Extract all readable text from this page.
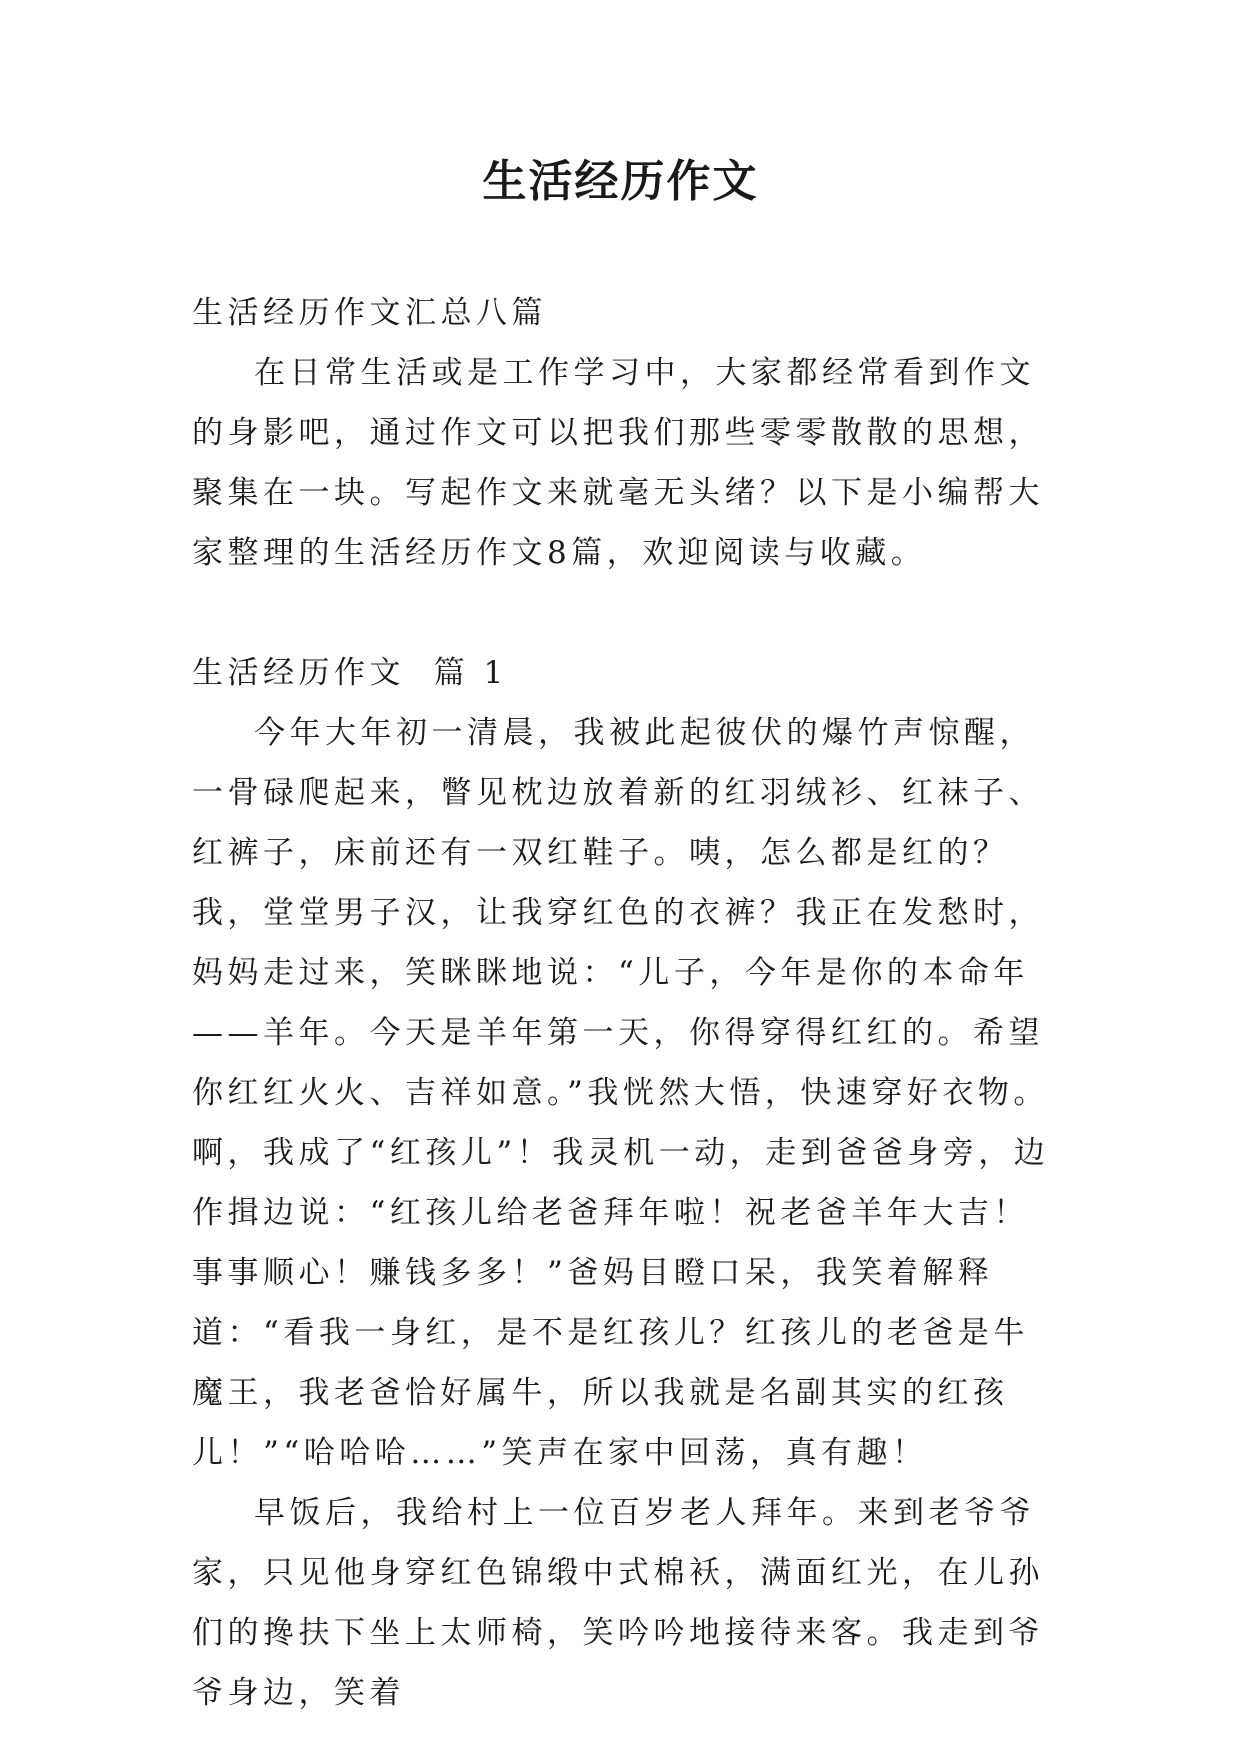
生活经历作文

生活经历作文汇总八篇

在日常生活或是工作学习中，大家都经常看到作文的身影吧，通过作文可以把我们那些零零散散的思想，聚集在一块。写起作文来就毫无头绪？以下是小编帮大家整理的生活经历作文8篇，欢迎阅读与收藏。

生活经历作文  篇 1

今年大年初一清晨，我被此起彼伏的爆竹声惊醒，一骨碌爬起来，瞥见枕边放着新的红羽绒衫、红袜子、红裤子，床前还有一双红鞋子。咦，怎么都是红的？我，堂堂男子汉，让我穿红色的衣裤？我正在发愁时，妈妈走过来，笑眯眯地说：“儿子，今年是你的本命年——羊年。今天是羊年第一天，你得穿得红红的。希望你红红火火、吉祥如意。”我恍然大悟，快速穿好衣物。啊，我成了“红孩儿”！我灵机一动，走到爸爸身旁，边作揖边说：“红孩儿给老爸拜年啦！祝老爸羊年大吉！事事顺心！赚钱多多！”爸妈目瞪口呆，我笑着解释道：“看我一身红，是不是红孩儿？红孩儿的老爸是牛魔王，我老爸恰好属牛，所以我就是名副其实的红孩儿！”“哈哈哈……”笑声在家中回荡，真有趣！

早饭后，我给村上一位百岁老人拜年。来到老爷爷家，只见他身穿红色锦缎中式棉袄，满面红光，在儿孙们的搀扶下坐上太师椅，笑吟吟地接待来客。我走到爷爷身边，笑着
